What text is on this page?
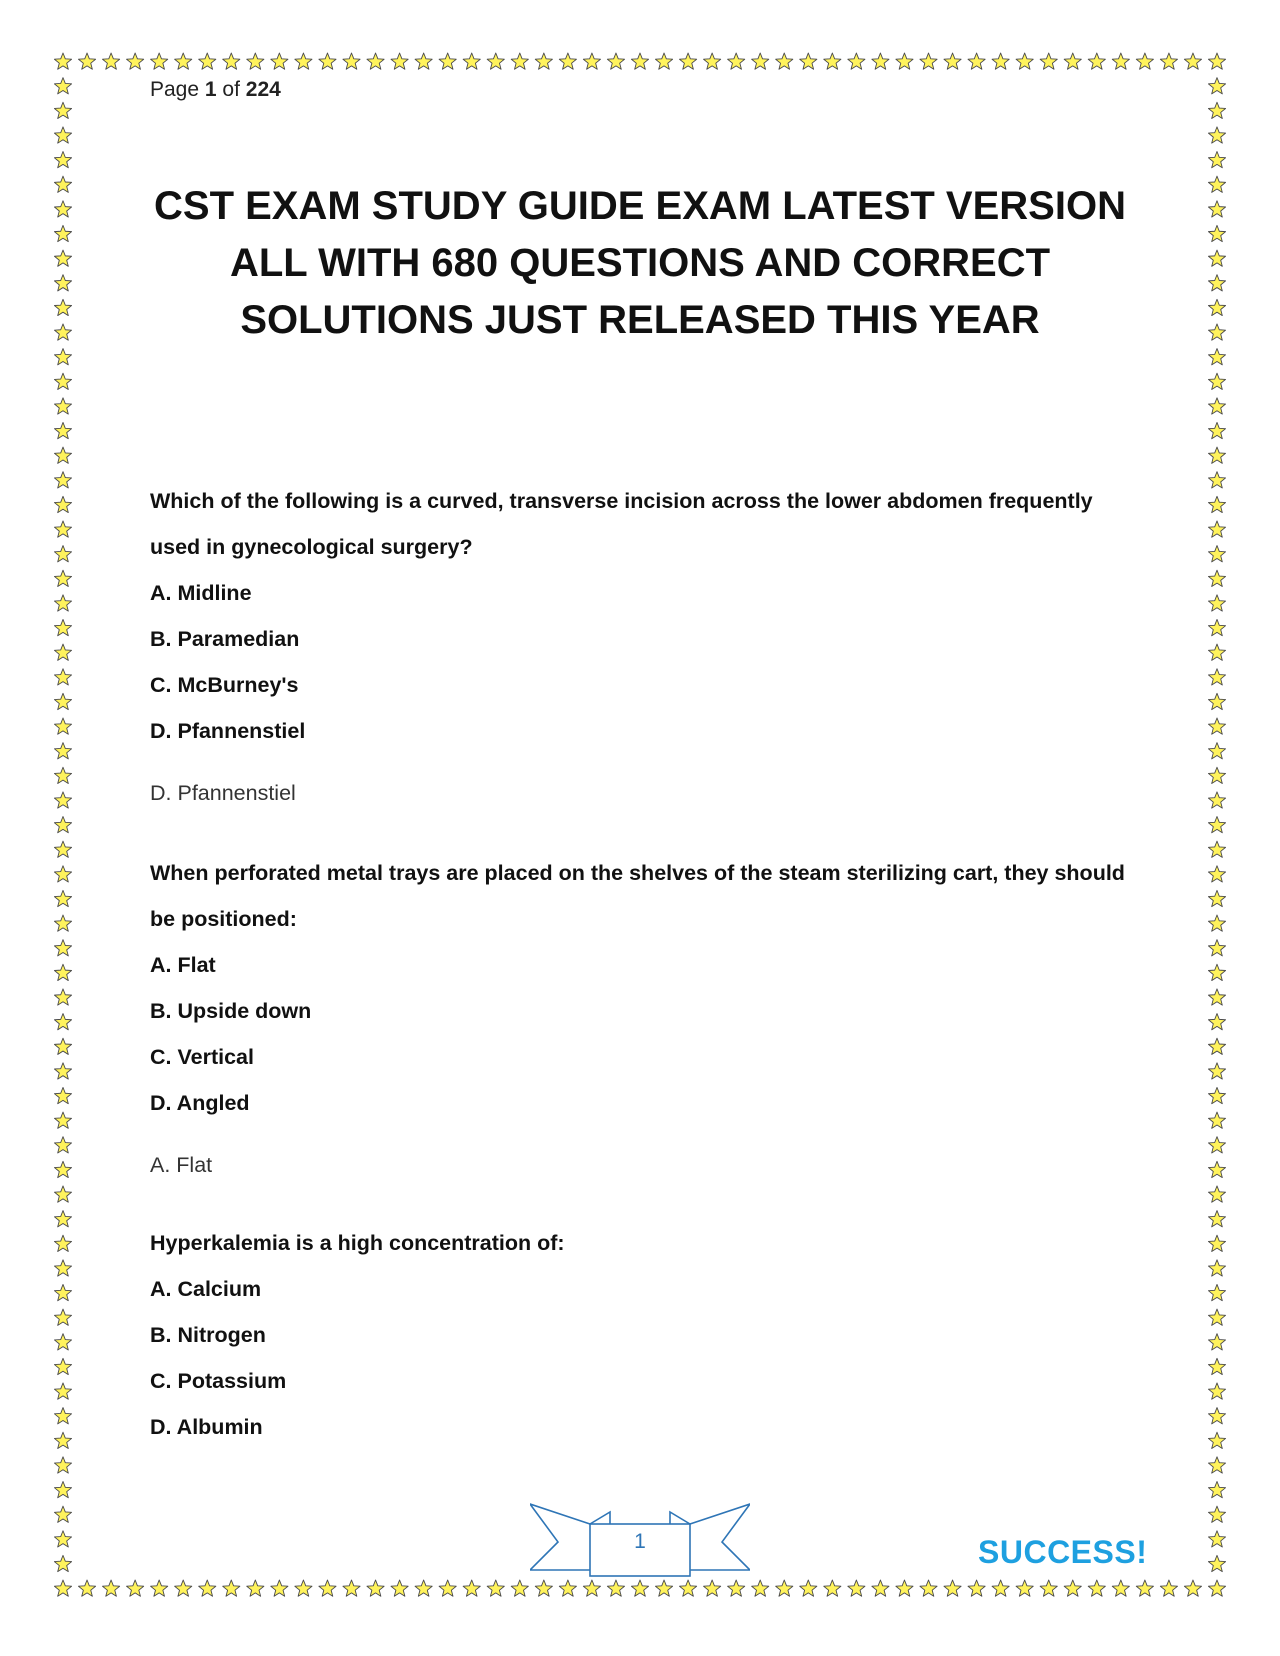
Page 1 of 224
CST EXAM STUDY GUIDE EXAM LATEST VERSION
ALL WITH 680 QUESTIONS AND CORRECT
SOLUTIONS JUST RELEASED THIS YEAR

Which of the following is a curved, transverse incision across the lower abdomen frequently used in gynecological surgery?

A. Midline
B. Paramedian
C. McBurney's
D. Pfannenstiel
D. Pfannenstiel

When perforated metal trays are placed on the shelves of the steam sterilizing cart, they should be positioned:

A. Flat
B. Upside down
C. Vertical
D. Angled
A. Flat

Hyperkalemia is a high concentration of:

A. Calcium
B. Nitrogen
C. Potassium
D. Albumin
1	SUCCESS!
